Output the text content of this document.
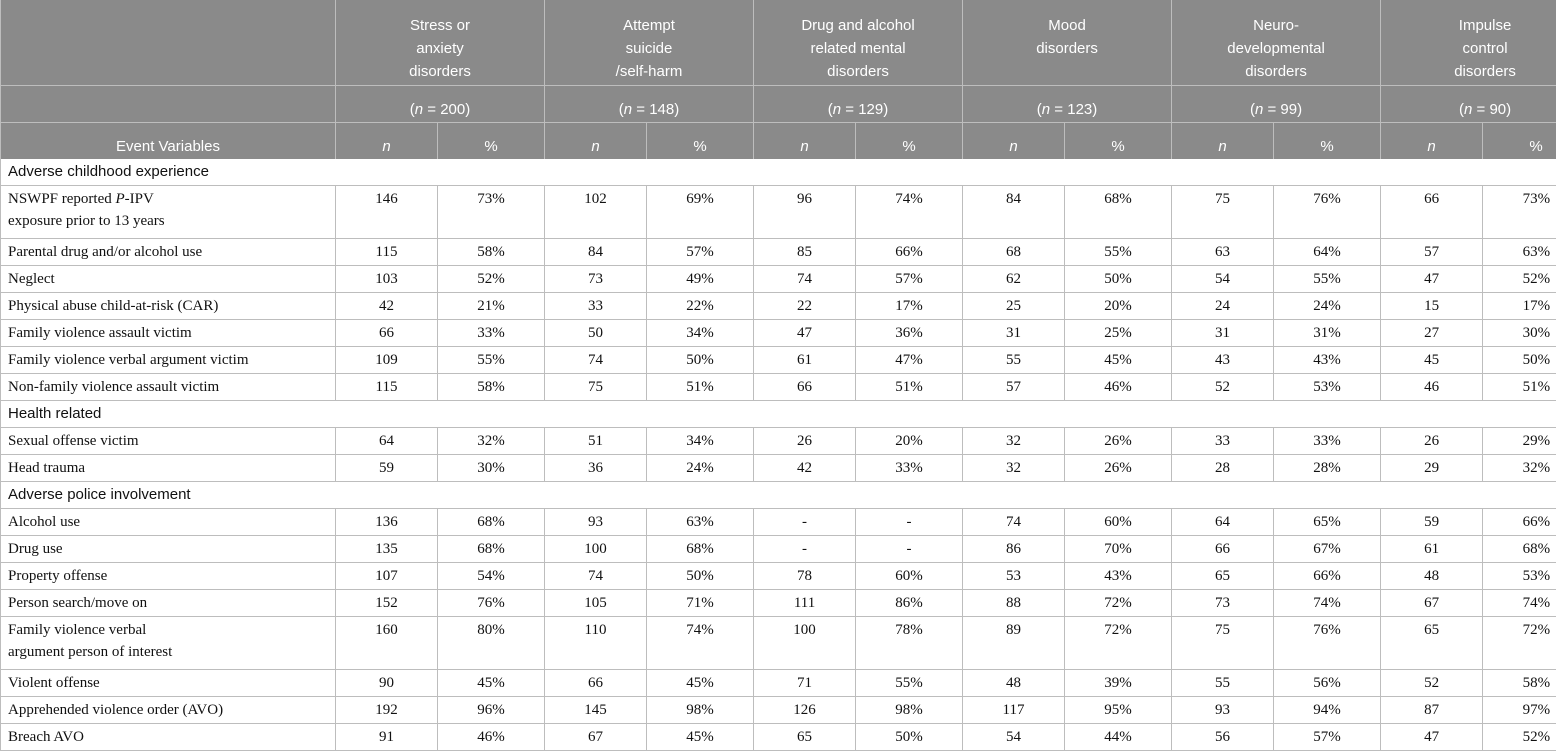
	Stress or
anxiety
disorders		Attempt
suicide
/self-harm		Drug and alcohol
related mental
disorders		Mood
disorders		Neuro-
developmental
disorders		Impulse
control
disorders	
	(n = 200)		(n = 148)		(n = 129)		(n = 123)		(n = 99)		(n = 90)	
Event Variables	n	%	n	%	n	%	n	%	n	%	n	%
Adverse childhood experience												
NSWPF reported P-IPV
exposure prior to 13 years	146	73%	102	69%	96	74%	84	68%	75	76%	66	73%
Parental drug and/or alcohol use	115	58%	84	57%	85	66%	68	55%	63	64%	57	63%
Neglect	103	52%	73	49%	74	57%	62	50%	54	55%	47	52%
Physical abuse child-at-risk (CAR)	42	21%	33	22%	22	17%	25	20%	24	24%	15	17%
Family violence assault victim	66	33%	50	34%	47	36%	31	25%	31	31%	27	30%
Family violence verbal argument victim	109	55%	74	50%	61	47%	55	45%	43	43%	45	50%
Non-family violence assault victim	115	58%	75	51%	66	51%	57	46%	52	53%	46	51%
Health related												
Sexual offense victim	64	32%	51	34%	26	20%	32	26%	33	33%	26	29%
Head trauma	59	30%	36	24%	42	33%	32	26%	28	28%	29	32%
Adverse police involvement												
Alcohol use	136	68%	93	63%	-	-	74	60%	64	65%	59	66%
Drug use	135	68%	100	68%	-	-	86	70%	66	67%	61	68%
Property offense	107	54%	74	50%	78	60%	53	43%	65	66%	48	53%
Person search/move on	152	76%	105	71%	111	86%	88	72%	73	74%	67	74%
Family violence verbal
argument person of interest	160	80%	110	74%	100	78%	89	72%	75	76%	65	72%
Violent offense	90	45%	66	45%	71	55%	48	39%	55	56%	52	58%
Apprehended violence order (AVO)	192	96%	145	98%	126	98%	117	95%	93	94%	87	97%
Breach AVO	91	46%	67	45%	65	50%	54	44%	56	57%	47	52%
